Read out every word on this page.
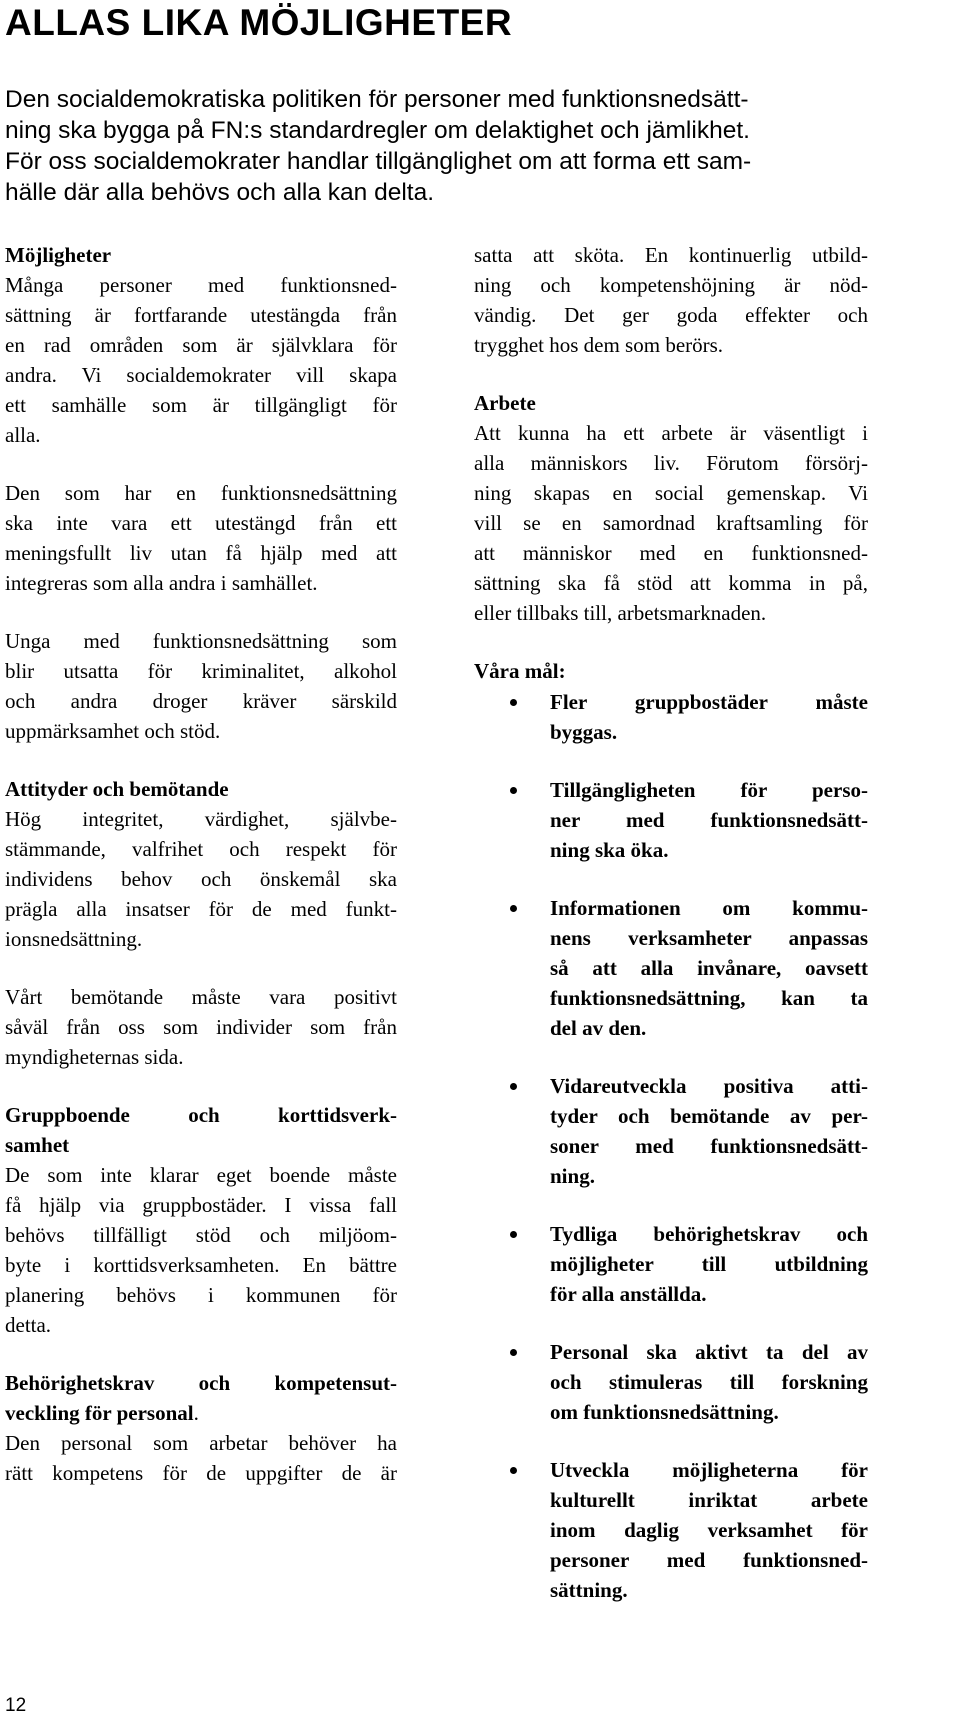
ALLAS LIKA MÖJLIGHETER
Den socialdemokratiska politiken för personer med funktionsnedsätt-
ning ska bygga på FN:s standardregler om delaktighet och jämlikhet.
För oss socialdemokrater handlar tillgänglighet om att forma ett sam-
hälle där alla behövs och alla kan delta.
Möjligheter
Många personer med funktionsned-
sättning är fortfarande utestängda från
en rad områden som är självklara för
andra. Vi socialdemokrater vill skapa
ett samhälle som är tillgängligt för
alla.
Den som har en funktionsnedsättning
ska inte vara ett utestängd från ett
meningsfullt liv utan få hjälp med att
integreras som alla andra i samhället.
Unga med funktionsnedsättning som
blir utsatta för kriminalitet, alkohol
och andra droger kräver särskild
uppmärksamhet och stöd.
Attityder och bemötande
Hög integritet, värdighet, självbe-
stämmande, valfrihet och respekt för
individens behov och önskemål ska
prägla alla insatser för de med funkt-
ionsnedsättning.
Vårt bemötande måste vara positivt
såväl från oss som individer som från
myndigheternas sida.
Gruppboende och korttidsverk-
samhet
De som inte klarar eget boende måste
få hjälp via gruppbostäder. I vissa fall
behövs tillfälligt stöd och miljöom-
byte i korttidsverksamheten. En bättre
planering behövs i kommunen för
detta.
Behörighetskrav och kompetensut-
veckling för personal.
Den personal som arbetar behöver ha
rätt kompetens för de uppgifter de är
satta att sköta. En kontinuerlig utbild-
ning och kompetenshöjning är nöd-
vändig. Det ger goda effekter och
trygghet hos dem som berörs.
Arbete
Att kunna ha ett arbete är väsentligt i
alla människors liv. Förutom försörj-
ning skapas en social gemenskap. Vi
vill se en samordnad kraftsamling för
att människor med en funktionsned-
sättning ska få stöd att komma in på,
eller tillbaks till, arbetsmarknaden.
Våra mål:
Fler gruppbostäder måste
byggas.
Tillgängligheten för perso-
ner med funktionsnedsätt-
ning ska öka.
Informationen om kommu-
nens verksamheter anpassas
så att alla invånare, oavsett
funktionsnedsättning, kan ta
del av den.
Vidareutveckla positiva atti-
tyder och bemötande av per-
soner med funktionsnedsätt-
ning.
Tydliga behörighetskrav och
möjligheter till utbildning
för alla anställda.
Personal ska aktivt ta del av
och stimuleras till forskning
om funktionsnedsättning.
Utveckla möjligheterna för
kulturellt inriktat arbete
inom daglig verksamhet för
personer med funktionsned-
sättning.
12
